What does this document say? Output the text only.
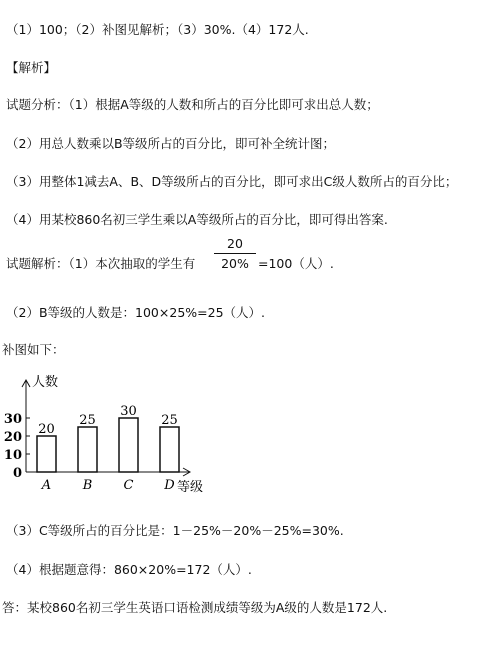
（1）100；（2）补图见解析；（3）30%.（4）172人.
【解析】
试题分析：（1）根据A等级的人数和所占的百分比即可求出总人数；
（2）用总人数乘以B等级所占的百分比，即可补全统计图；
（3）用整体1减去A、B、D等级所占的百分比，即可求出C级人数所占的百分比；
（4）用某校860名初三学生乘以A等级所占的百分比，即可得出答案.
试题解析：（1）本次抽取的学生有
20
20% =100（人）.
（2）B等级的人数是：100×25%=25（人）.
补图如下：
人数
0
10
20
30
20
A
25
B
30
C
25
D 等级
（3）C等级所占的百分比是：1－25%－20%－25%=30%.
（4）根据题意得：860×20%=172（人）.
答：某校860名初三学生英语口语检测成绩等级为A级的人数是172人.
